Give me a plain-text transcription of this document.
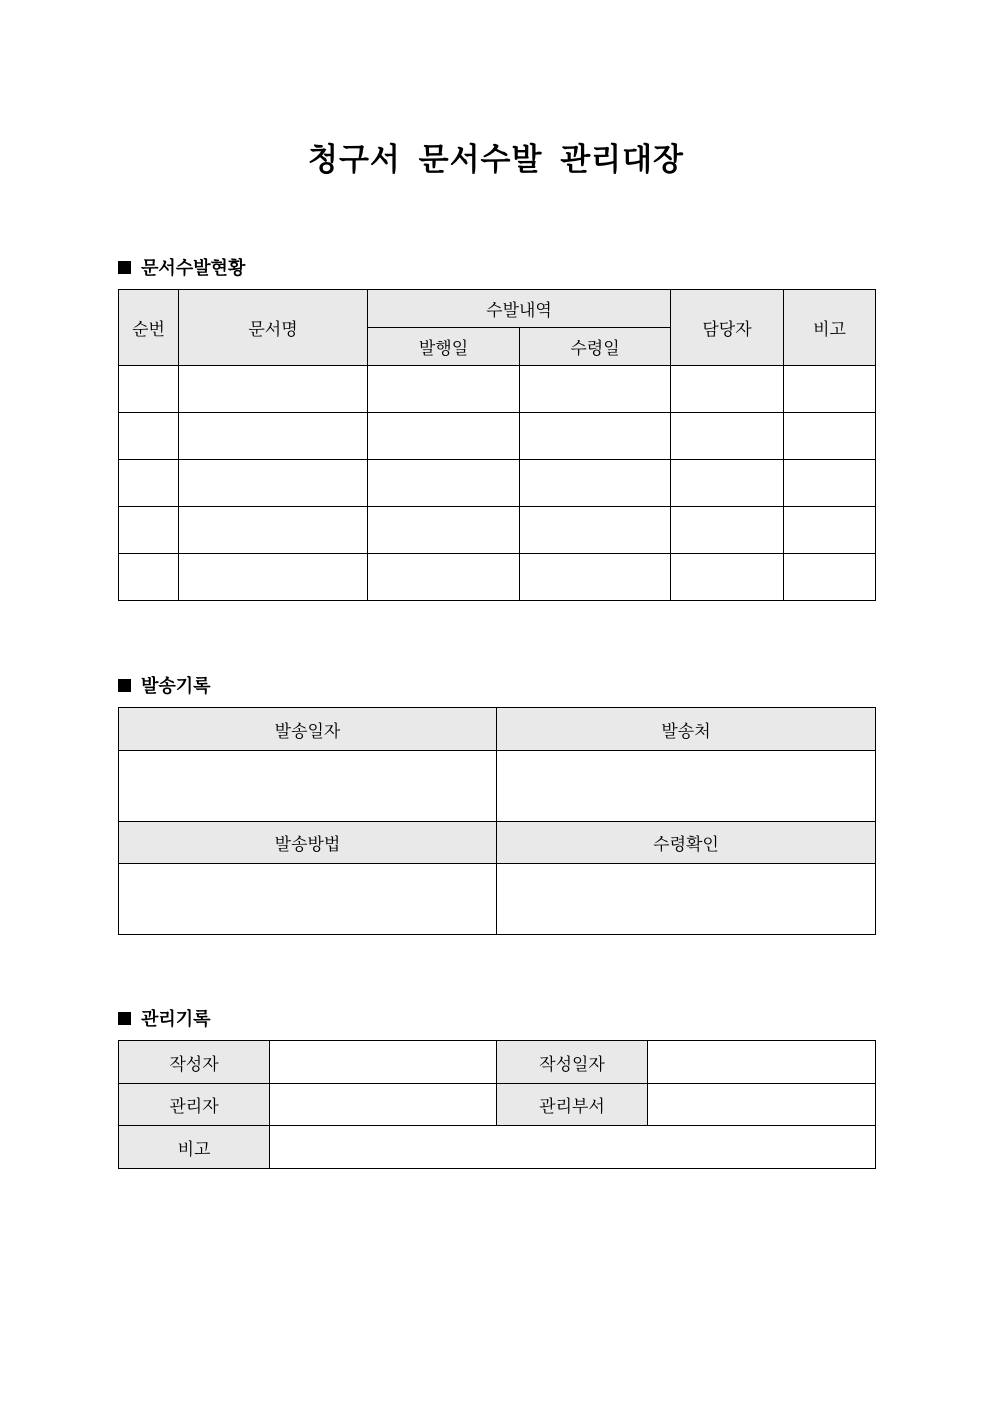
청구서 문서수발 관리대장
문서수발현황
순번	문서명	수발내역		담당자	비고
		발행일	수령일		

발송기록
발송일자	발송처

발송방법	수령확인

관리기록
작성자		작성일자	
관리자		관리부서	
비고			
